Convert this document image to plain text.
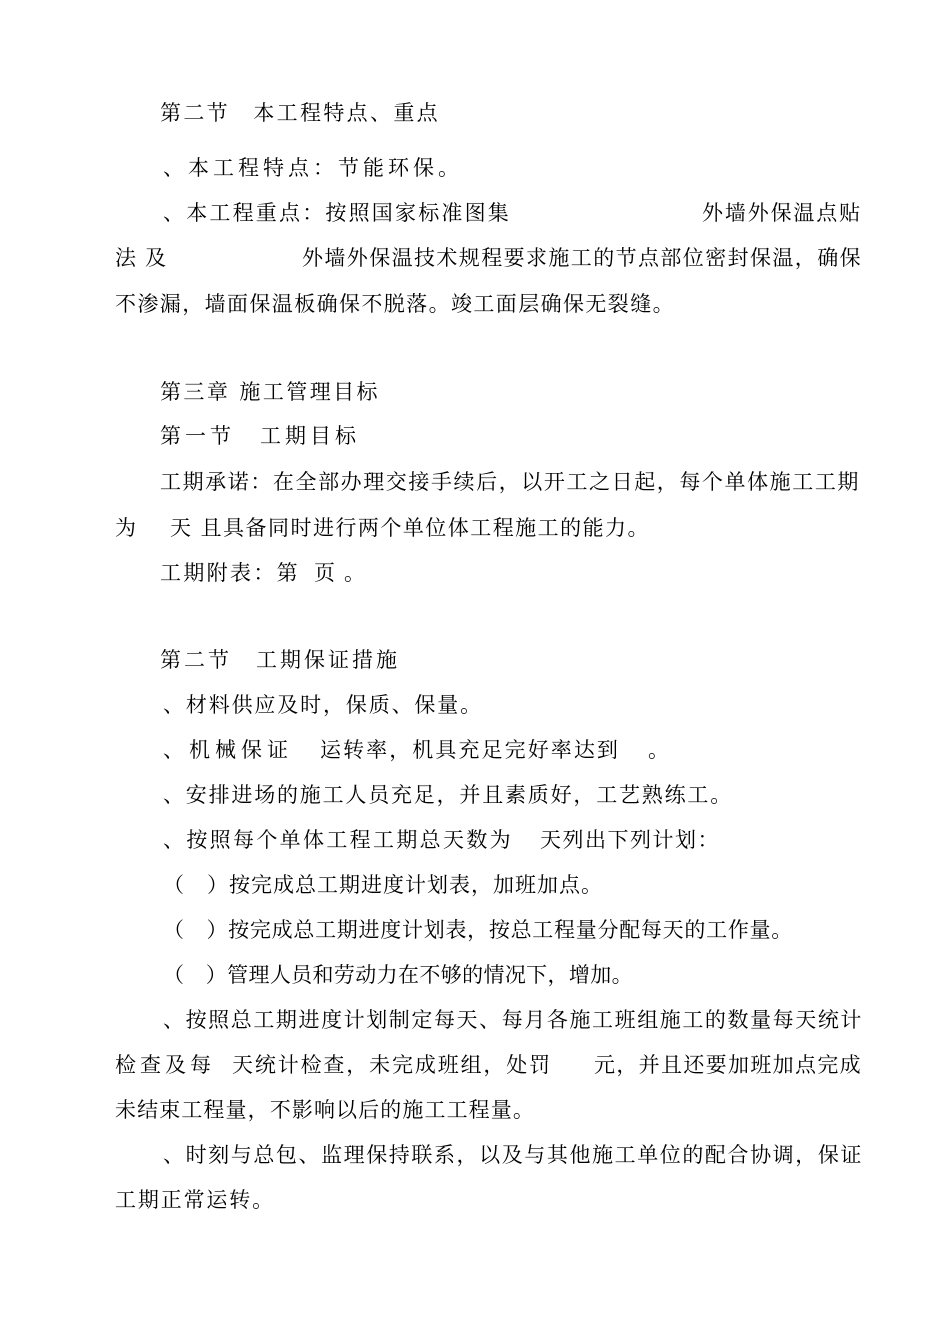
第二节　本工程特点、重点
、本工程特点：节能环保。
、本工程重点：按照国家标准图集	外墙外保温点贴
法及	外墙外保温技术规程要求施工的节点部位密封保温，确保
不渗漏，墙面保温板确保不脱落。竣工面层确保无裂缝。
第三章 施工管理目标
第一节　工期目标
工期承诺：在全部办理交接手续后，以开工之日起，每个单体施工工期
为 天 且具备同时进行两个单位体工程施工的能力。
工期附表：第 页。
第二节　工期保证措施
、材料供应及时，保质、保量。
、机械保证 运转率，机具充足完好率达到 。
、安排进场的施工人员充足，并且素质好，工艺熟练工。
、按照每个单体工程工期总天数为 天列出下列计划：
（　）按完成总工期进度计划表，加班加点。
（　）按完成总工期进度计划表，按总工程量分配每天的工作量。
（　）管理人员和劳动力在不够的情况下，增加。
、按照总工期进度计划制定每天、每月各施工班组施工的数量每天统计
检查及每 天统计检查，未完成班组，处罚 元，并且还要加班加点完成
未结束工程量，不影响以后的施工工程量。
、时刻与总包、监理保持联系，以及与其他施工单位的配合协调，保证
工期正常运转。
